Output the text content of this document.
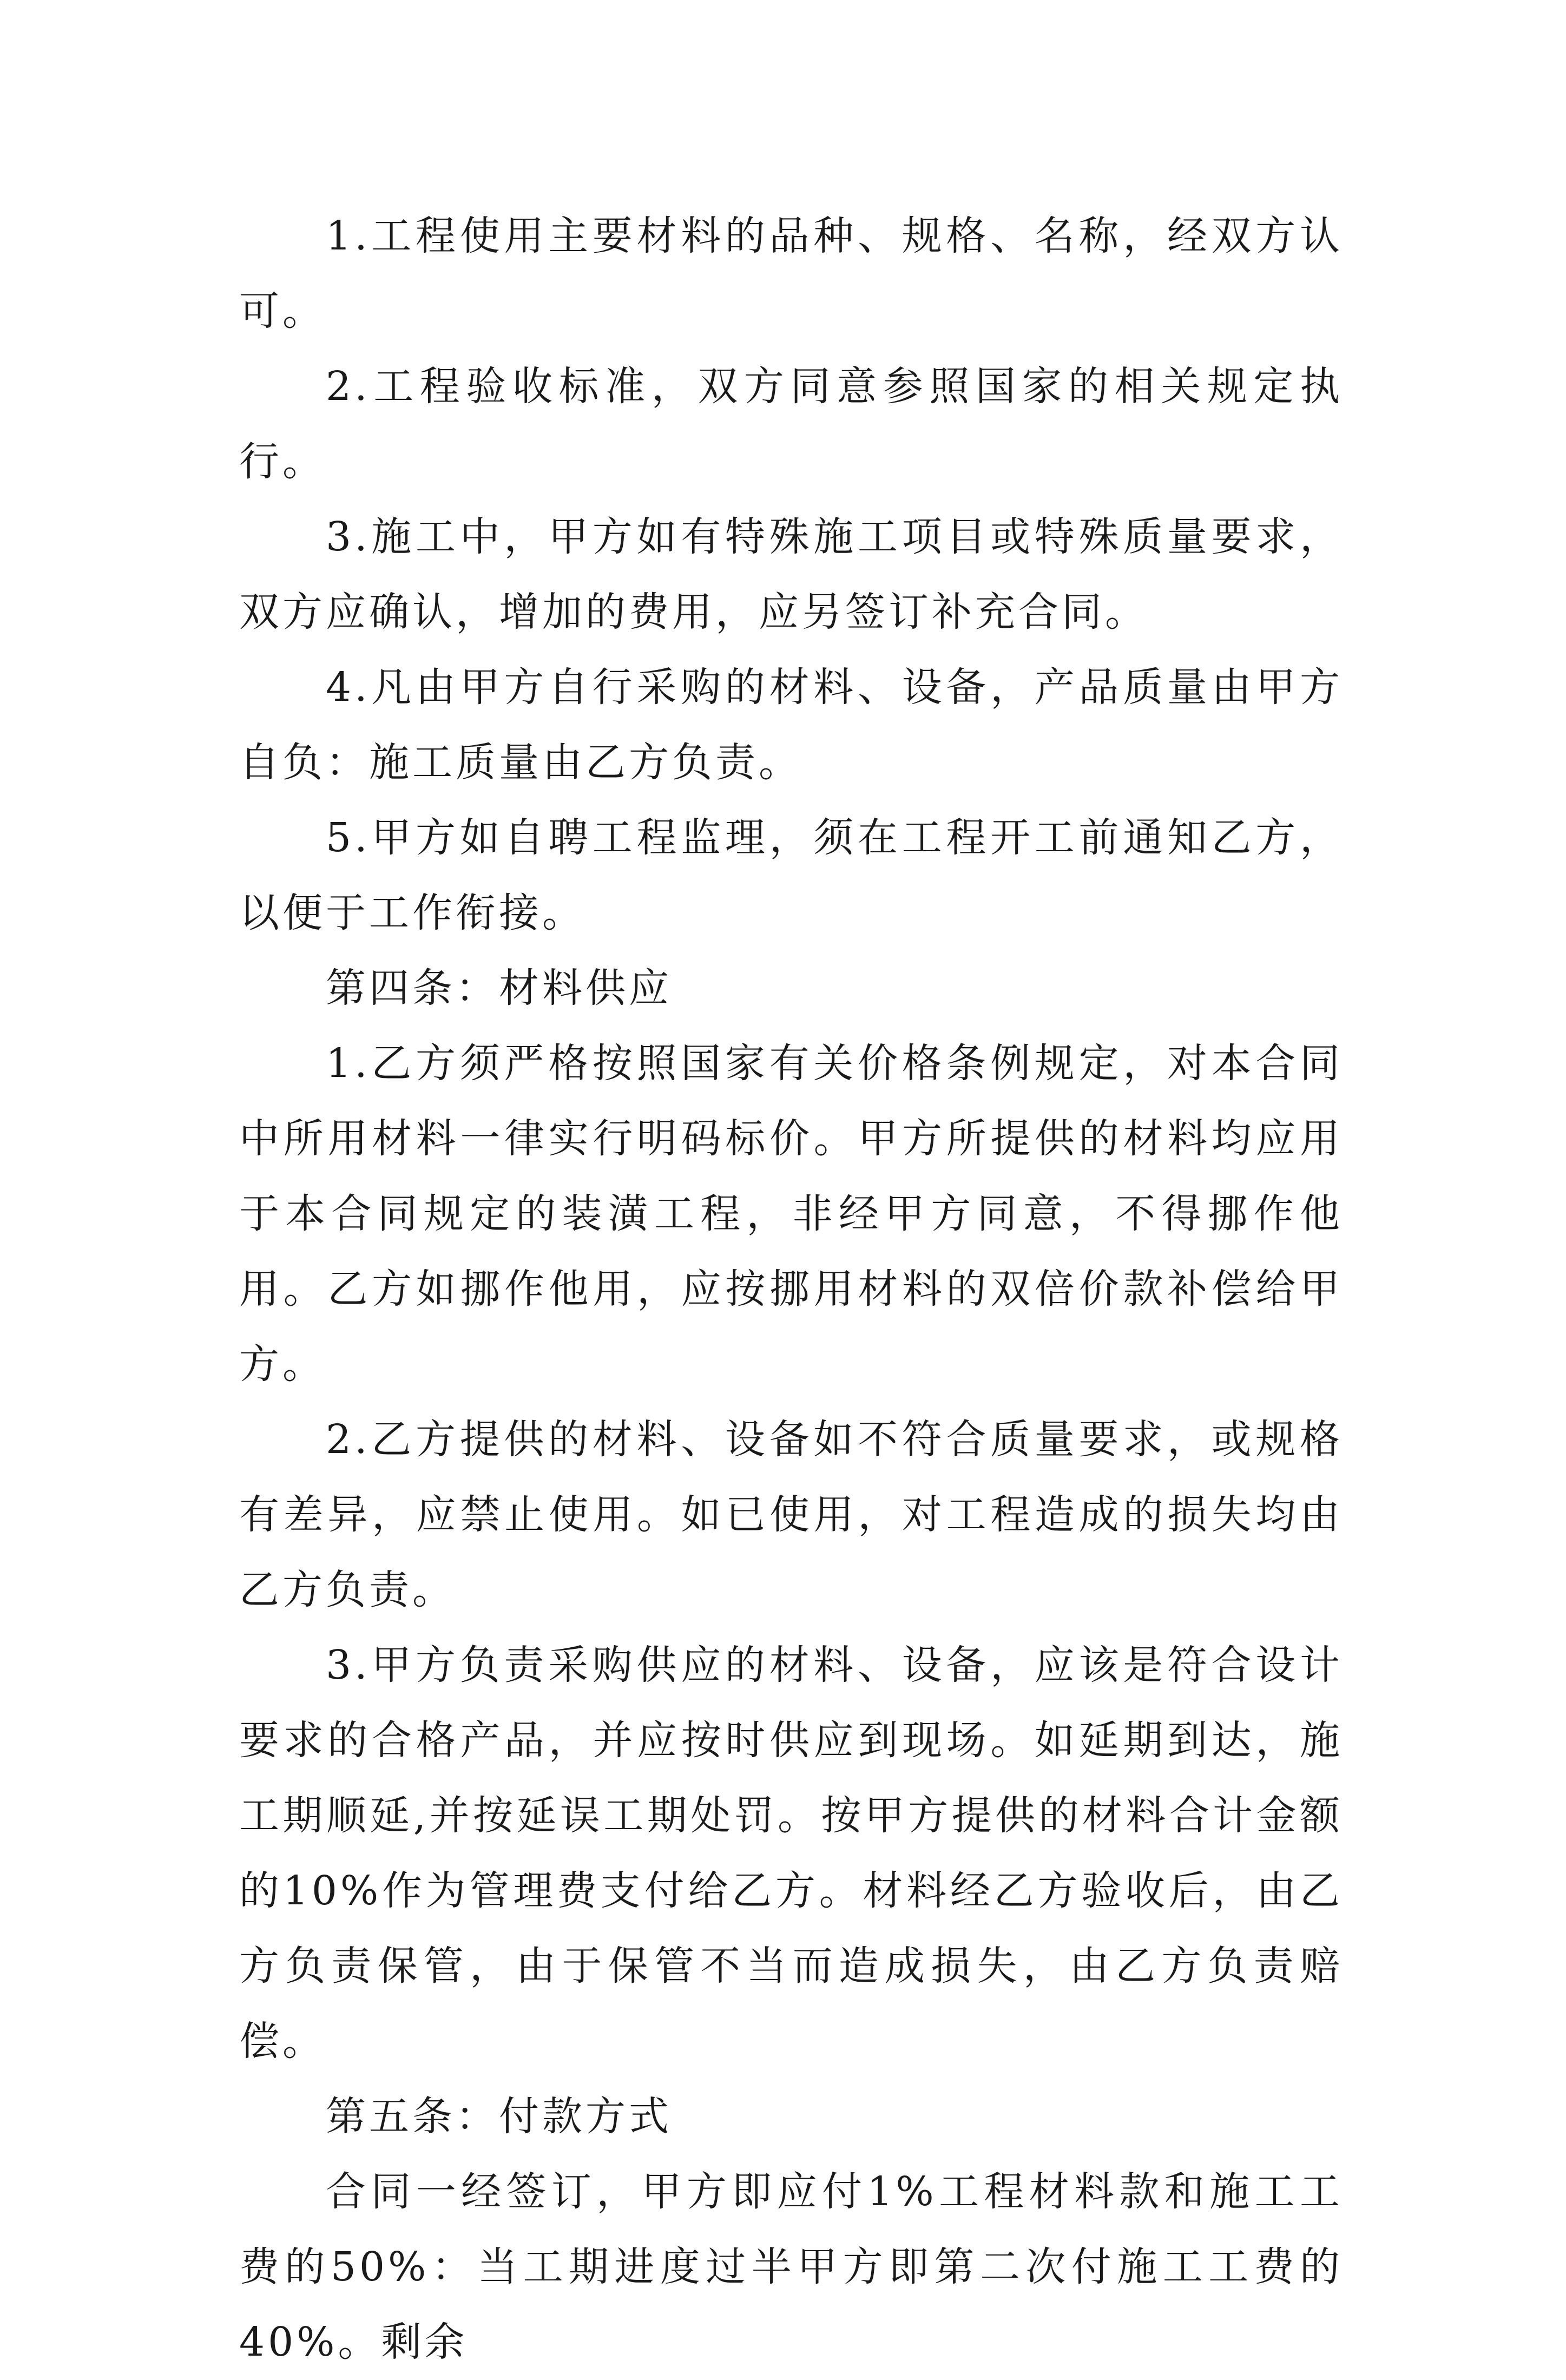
1.工程使用主要材料的品种、规格、名称，经双方认可。

2.工程验收标准，双方同意参照国家的相关规定执行。

3.施工中，甲方如有特殊施工项目或特殊质量要求，双方应确认，增加的费用，应另签订补充合同。

4.凡由甲方自行采购的材料、设备，产品质量由甲方自负：施工质量由乙方负责。

5.甲方如自聘工程监理，须在工程开工前通知乙方，以便于工作衔接。

第四条：材料供应

1.乙方须严格按照国家有关价格条例规定，对本合同中所用材料一律实行明码标价。甲方所提供的材料均应用于本合同规定的装潢工程，非经甲方同意，不得挪作他用。乙方如挪作他用，应按挪用材料的双倍价款补偿给甲方。

2.乙方提供的材料、设备如不符合质量要求，或规格有差异，应禁止使用。如已使用，对工程造成的损失均由乙方负责。

3.甲方负责采购供应的材料、设备，应该是符合设计要求的合格产品，并应按时供应到现场。如延期到达，施工期顺延,并按延误工期处罚。按甲方提供的材料合计金额的10%作为管理费支付给乙方。材料经乙方验收后，由乙方负责保管，由于保管不当而造成损失，由乙方负责赔偿。

第五条：付款方式

合同一经签订，甲方即应付1%工程材料款和施工工费的50%：当工期进度过半甲方即第二次付施工工费的40%。剩余
